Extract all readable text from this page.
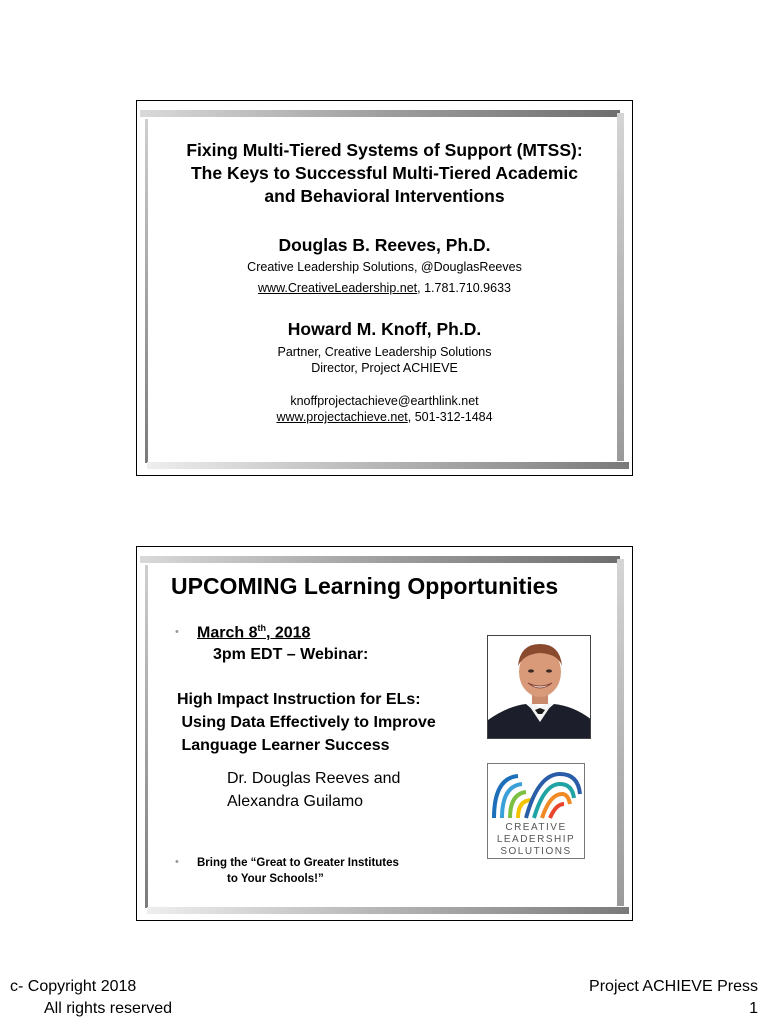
Fixing Multi-Tiered Systems of Support (MTSS):
The Keys to Successful Multi-Tiered Academic
and Behavioral Interventions
Douglas B. Reeves, Ph.D.
Creative Leadership Solutions, @DouglasReeves
www.CreativeLeadership.net, 1.781.710.9633
Howard M. Knoff, Ph.D.
Partner, Creative Leadership Solutions
Director, Project ACHIEVE
knoffprojectachieve@earthlink.net
www.projectachieve.net, 501-312-1484
UPCOMING Learning Opportunities
• March 8th, 2018
3pm EDT – Webinar:
High Impact Instruction for ELs:
Using Data Effectively to Improve
Language Learner Success
Dr. Douglas Reeves and
Alexandra Guilamo
• Bring the “Great to Greater Institutes
to Your Schools!”
CREATIVE
LEADERSHIP
SOLUTIONS
c- Copyright 2018
All rights reserved
Project ACHIEVE Press
1
